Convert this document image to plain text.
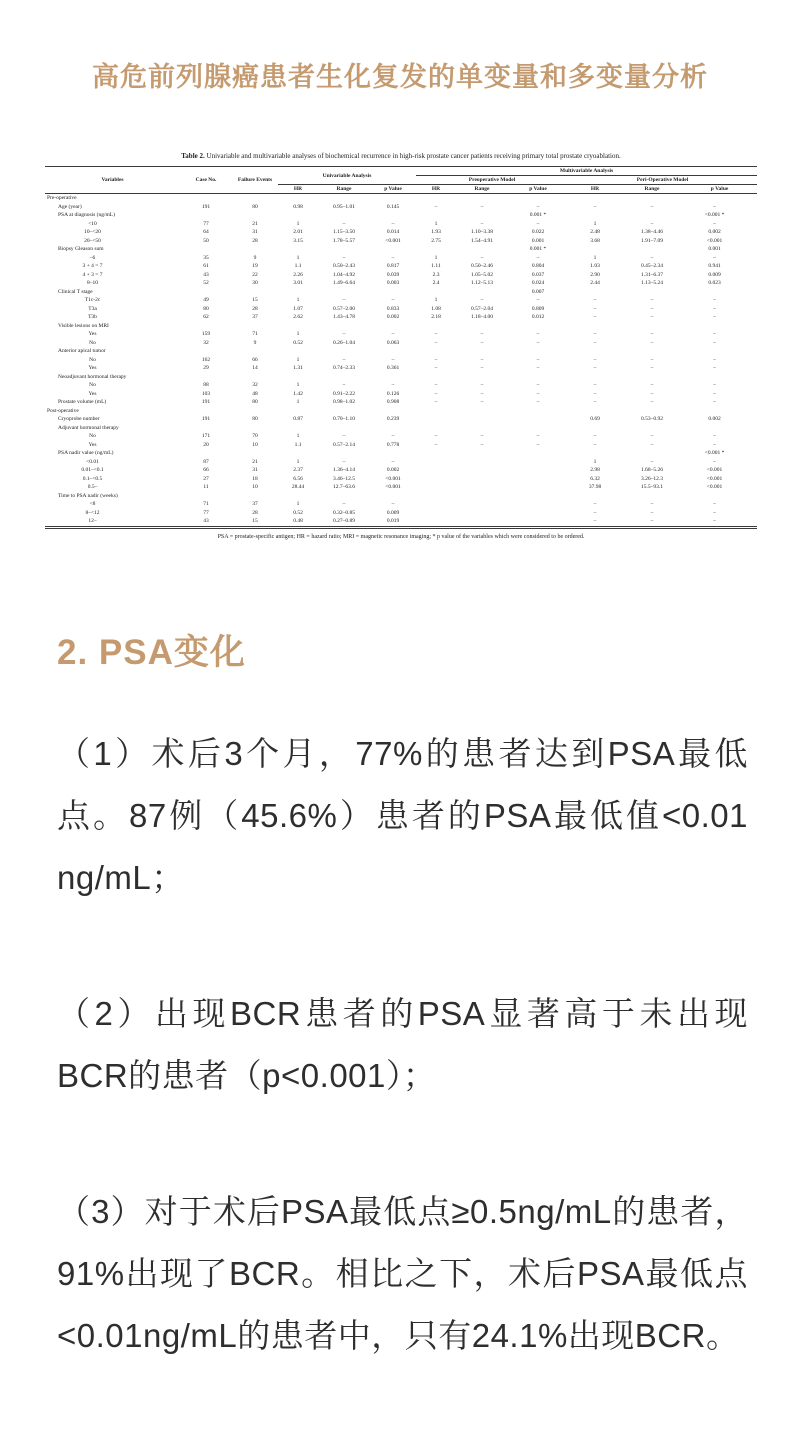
高危前列腺癌患者生化复发的单变量和多变量分析
Table 2. Univariable and multivariable analyses of biochemical recurrence in high-risk prostate cancer patients receiving primary total prostate cryoablation.
Variables	Case No.	Failure Events	Univariable Analysis			Multivariable Analysis					
						Preoperative Model			Peri-Operative Model		
			HR	Range	p Value	HR	Range	p Value	HR	Range	p Value
Pre-operative											
Age (year)	191	80	0.98	0.95–1.01	0.145	–	–	–	–	–	–
PSA at diagnosis (ng/mL)								0.001 *			<0.001 *
<10	77	21	1	–	–	1	–	–	1	–	–
10–<20	64	31	2.01	1.15–3.50	0.014	1.93	1.10–3.38	0.022	2.48	1.38–4.46	0.002
20–<50	50	28	3.15	1.78–5.57	<0.001	2.75	1.54–4.91	0.001	3.68	1.91–7.09	<0.001
Biopsy Gleason sum								0.001 *			0.001
–6	35	9	1	–	–	1	–	–	1	–	–
3 + 4 = 7	61	19	1.1	0.50–2.43	0.817	1.11	0.50–2.46	0.804	1.03	0.45–2.34	0.941
4 + 3 = 7	43	22	2.26	1.04–4.92	0.039	2.3	1.05–5.02	0.037	2.90	1.31–6.37	0.009
8–10	52	30	3.01	1.49–6.64	0.003	2.4	1.12–5.13	0.024	2.44	1.13–5.24	0.023
Clinical T stage								0.007			
T1c-2c	49	15	1	–	–	1	–	–	–	–	–
T3a	80	28	1.07	0.57–2.00	0.833	1.08	0.57–2.04	0.809	–	–	–
T3b	62	37	2.62	1.43–4.78	0.002	2.18	1.18–4.00	0.012	–	–	–
Visible lesions on MRI											
Yes	159	71	1	–	–	–	–	–	–	–	–
No	32	9	0.52	0.26–1.04	0.063	–	–	–	–	–	–
Anterior apical tumor											
No	162	66	1	–	–	–	–	–	–	–	–
Yes	29	14	1.31	0.74–2.33	0.361	–	–	–	–	–	–
Neoadjuvant hormonal therapy											
No	88	32	1	–	–	–	–	–	–	–	–
Yes	103	48	1.42	0.91–2.22	0.126	–	–	–	–	–	–
Prostate volume (mL)	191	80	1	0.98–1.02	0.908	–	–	–	–	–	–
Post-operative											
Cryoprobe number	191	80	0.87	0.70–1.10	0.239				0.69	0.53–0.92	0.002
Adjuvant hormonal therapy											
No	171	70	1	–	–	–	–	–	–	–	–
Yes	20	10	1.1	0.57–2.14	0.778	–	–	–	–	–	–
PSA nadir value (ng/mL)											<0.001 *
<0.01	87	21	1	–	–				1	–	–
0.01–<0.1	66	31	2.37	1.36–4.14	0.002				2.98	1.68–5.26	<0.001
0.1–<0.5	27	18	6.56	3.46–12.5	<0.001				6.32	3.26–12.3	<0.001
0.5–	11	10	28.44	12.7–63.6	<0.001				37.98	15.5–93.1	<0.001
Time to PSA nadir (weeks)											
<8	71	37	1	–	–				–	–	–
8–<12	77	28	0.52	0.32–0.85	0.009				–	–	–
12–	43	15	0.48	0.27–0.89	0.019				–	–	–
PSA = prostate-specific antigen; HR = hazard ratio; MRI = magnetic resonance imaging; * p value of the variables which were considered to be ordered.
2. PSA变化

（1）术后3个月，77%的患者达到PSA最低点。87例（45.6%）患者的PSA最低值<0.01 ng/mL；

（2）出现BCR患者的PSA显著高于未出现BCR的患者（p<0.001）；

（3）对于术后PSA最低点≥0.5ng/mL的患者，91%出现了BCR。相比之下，术后PSA最低点<0.01ng/mL的患者中，只有24.1%出现BCR。
